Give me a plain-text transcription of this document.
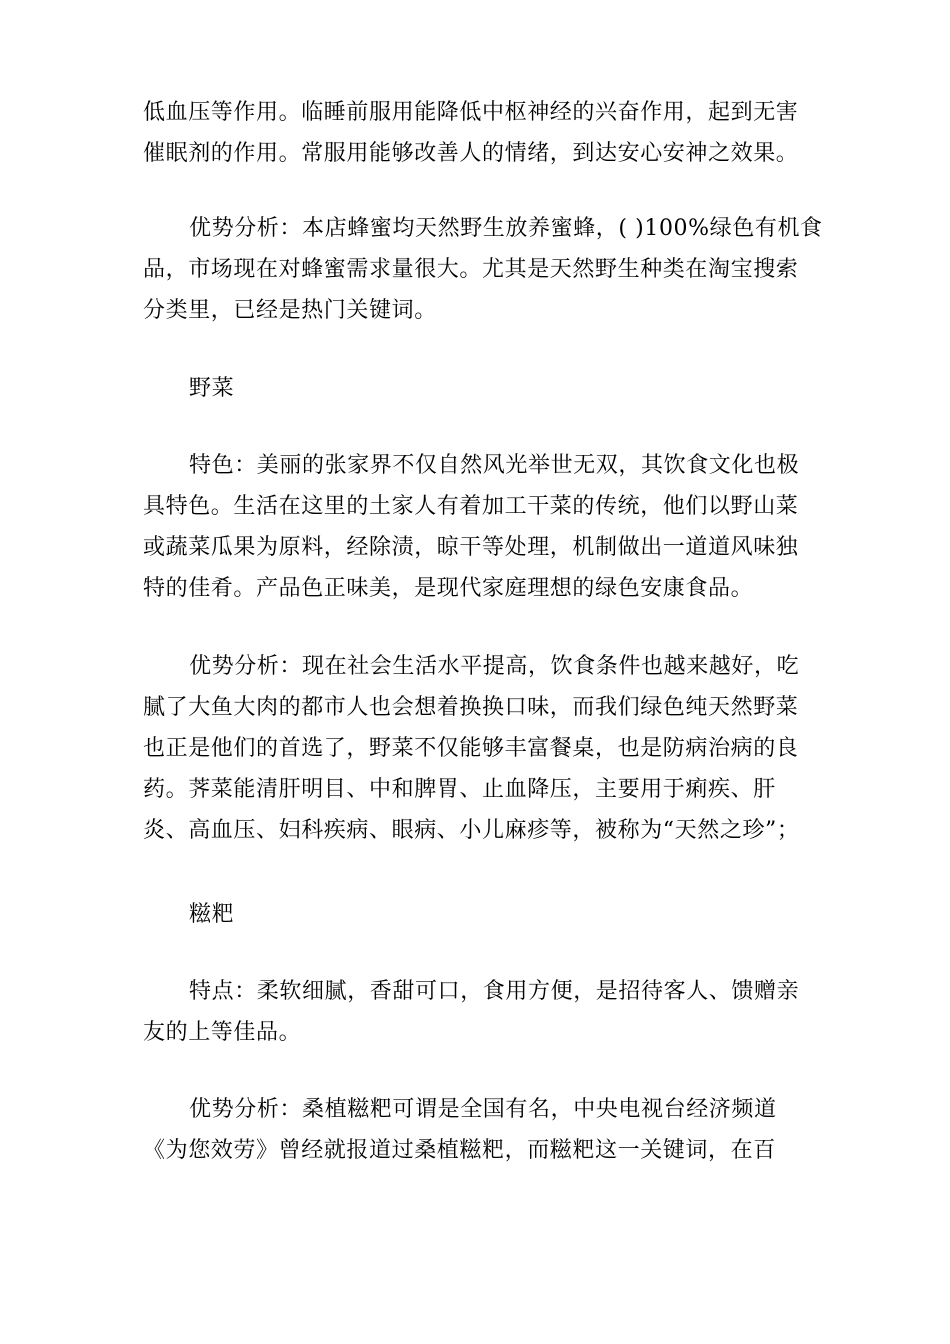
低血压等作用。临睡前服用能降低中枢神经的兴奋作用，起到无害
催眠剂的作用。常服用能够改善人的情绪，到达安心安神之效果。
优势分析：本店蜂蜜均天然野生放养蜜蜂，( )100%绿色有机食
品，市场现在对蜂蜜需求量很大。尤其是天然野生种类在淘宝搜索
分类里，已经是热门关键词。
野菜
特色：美丽的张家界不仅自然风光举世无双，其饮食文化也极
具特色。生活在这里的土家人有着加工干菜的传统，他们以野山菜
或蔬菜瓜果为原料，经除渍，晾干等处理，机制做出一道道风味独
特的佳肴。产品色正味美，是现代家庭理想的绿色安康食品。
优势分析：现在社会生活水平提高，饮食条件也越来越好，吃
腻了大鱼大肉的都市人也会想着换换口味，而我们绿色纯天然野菜
也正是他们的首选了，野菜不仅能够丰富餐桌，也是防病治病的良
药。荠菜能清肝明目、中和脾胃、止血降压，主要用于痢疾、肝
炎、高血压、妇科疾病、眼病、小儿麻疹等，被称为“天然之珍”；
糍粑
特点：柔软细腻，香甜可口，食用方便，是招待客人、馈赠亲
友的上等佳品。
优势分析：桑植糍粑可谓是全国有名，中央电视台经济频道
《为您效劳》曾经就报道过桑植糍粑，而糍粑这一关键词，在百
